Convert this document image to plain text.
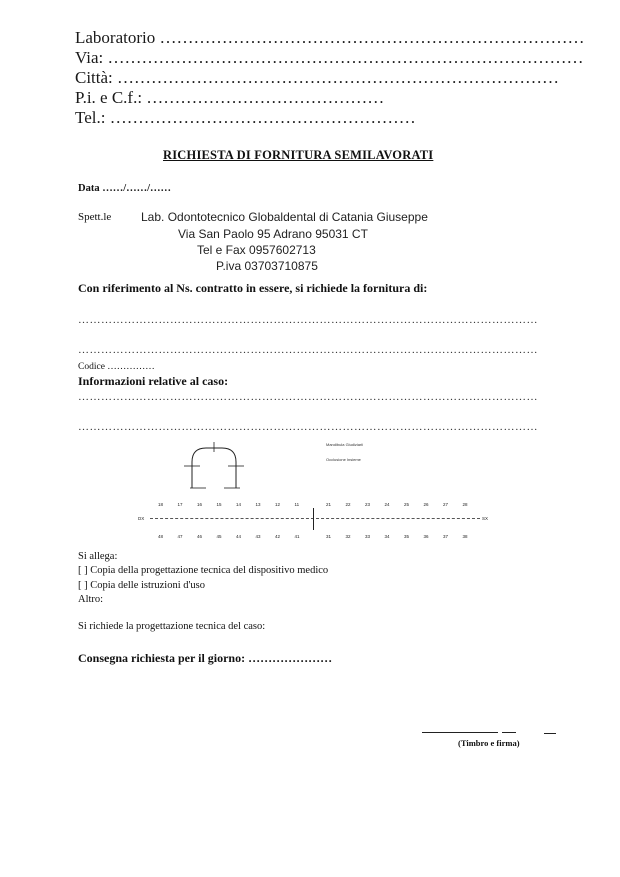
Laboratorio …………………………………………………………………
Via: …………………………………………………………………………
Città: ……………………………………………………………………
P.i. e C.f.: ……………………………………
Tel.: ………………………………………………
RICHIESTA DI FORNITURA SEMILAVORATI
Data ……/……/……
Spett.le Lab. Odontotecnico Globaldental di Catania Giuseppe
Via San Paolo 95 Adrano 95031 CT
Tel e Fax 0957602713
P.iva 03703710875
Con riferimento al Ns. contratto in essere, si richiede la fornitura di:
…………………………………………………………………………………………………………
…………………………………………………………………………………………………………
Codice ……………
Informazioni relative al caso:
…………………………………………………………………………………………………………
…………………………………………………………………………………………………………
Mandibula Giudiziarii
Occlusione Insieme
DX	SX
18	17	16	15	14	13	12	11	21	22	23	24	25	26	27	28
48	47	46	45	44	43	42	41	31	32	33	34	35	36	37	38
Si allega:
[ ] Copia della progettazione tecnica del dispositivo medico
[ ] Copia delle istruzioni d'uso
Altro:
Si richiede la progettazione tecnica del caso:
Consegna richiesta per il giorno: …………………
(Timbro e firma)
